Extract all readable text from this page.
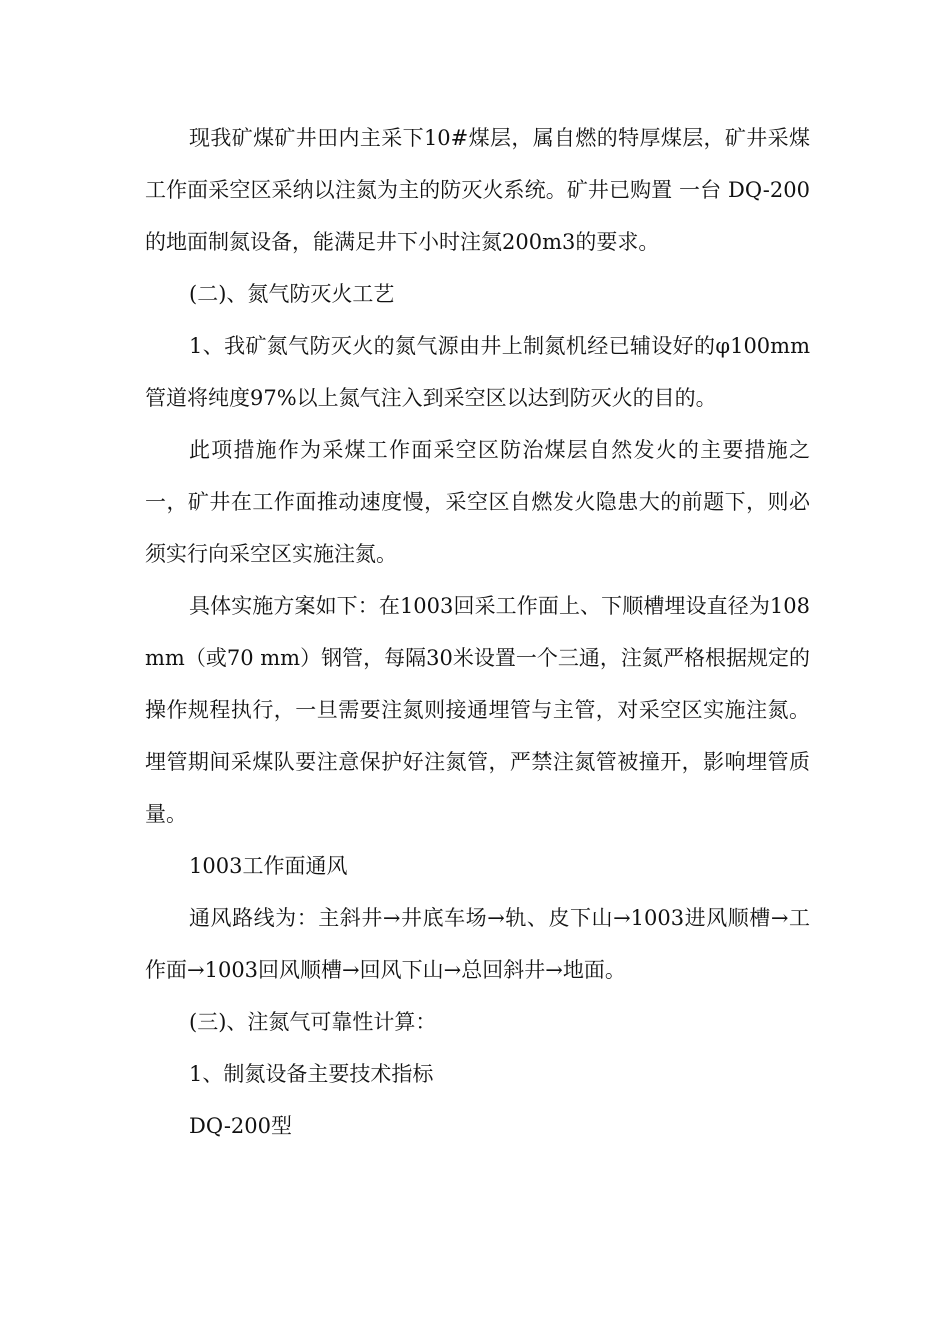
现我矿煤矿井田内主采下10#煤层，属自燃的特厚煤层，矿井采煤工作面采空区采纳以注氮为主的防灭火系统。矿井已购置 一台 DQ-200的地面制氮设备，能满足井下小时注氮200m3的要求。

(二)、氮气防灭火工艺

1、我矿氮气防灭火的氮气源由井上制氮机经已辅设好的φ100mm管道将纯度97%以上氮气注入到采空区以达到防灭火的目的。

此项措施作为采煤工作面采空区防治煤层自然发火的主要措施之一，矿井在工作面推动速度慢，采空区自燃发火隐患大的前题下，则必须实行向采空区实施注氮。

具体实施方案如下：在1003回采工作面上、下顺槽埋设直径为108mm（或70 mm）钢管，每隔30米设置一个三通，注氮严格根据规定的操作规程执行，一旦需要注氮则接通埋管与主管，对采空区实施注氮。埋管期间采煤队要注意保护好注氮管，严禁注氮管被撞开，影响埋管质量。

1003工作面通风

通风路线为：主斜井→井底车场→轨、皮下山→1003进风顺槽→工作面→1003回风顺槽→回风下山→总回斜井→地面。

(三)、注氮气可靠性计算：

1、制氮设备主要技术指标

DQ-200型
